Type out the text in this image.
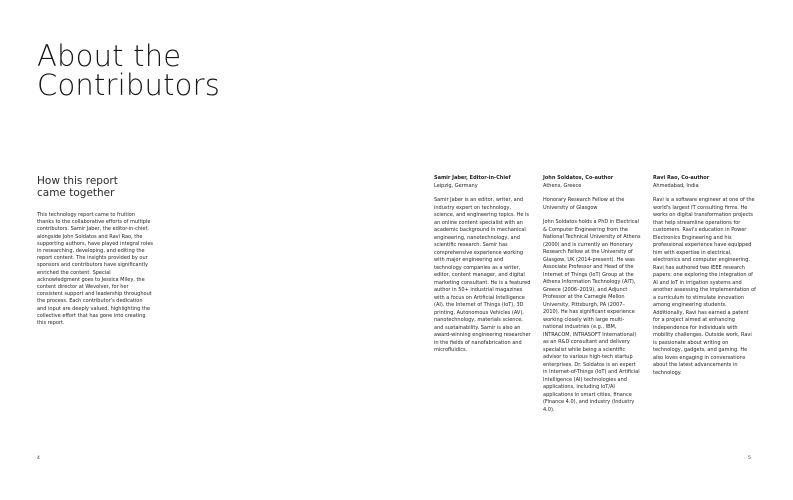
About the
Contributors
How this report
came together

This technology report came to fruition thanks to the collaborative efforts of multiple contributors. Samir Jaber, the editor-in-chief, alongside John Soldatos and Ravi Rao, the supporting authors, have played integral roles in researching, developing, and editing the report content. The insights provided by our sponsors and contributors have significantly enriched the content. Special acknowledgment goes to Jessica Miley, the content director at Wevolver, for her consistent support and leadership throughout the process. Each contributor's dedication and input are deeply valued, highlighting the collective effort that has gone into creating this report.

Samir Jaber, Editor-in-Chief
Leipzig, Germany

Samir Jaber is an editor, writer, and industry expert on technology, science, and engineering topics. He is an online content specialist with an academic background in mechanical engineering, nanotechnology, and scientific research. Samir has comprehensive experience working with major engineering and technology companies as a writer, editor, content manager, and digital marketing consultant. He is a featured author in 50+ industrial magazines with a focus on Artificial Intelligence (AI), the Internet of Things (IoT), 3D printing, Autonomous Vehicles (AV), nanotechnology, materials science, and sustainability. Samir is also an award-winning engineering researcher in the fields of nanofabrication and microfluidics.

John Soldatos, Co-author
Athens, Greece

Honorary Research Fellow at the University of Glasgow

John Soldatos holds a PhD in Electrical & Computer Engineering from the National Technical University of Athens (2000) and is currently an Honorary Research Fellow at the University of Glasgow, UK (2014-present). He was Associate Professor and Head of the Internet of Things (IoT) Group at the Athens Information Technology (AIT), Greece (2006–2019), and Adjunct Professor at the Carnegie Mellon University, Pittsburgh, PA (2007–2010). He has significant experience working closely with large multi-national industries (e.g., IBM, INTRACOM, INTRASOFT International) as an R&D consultant and delivery specialist while being a scientific advisor to various high-tech startup enterprises. Dr. Soldatos is an expert in Internet-of-Things (IoT) and Artificial Intelligence (AI) technologies and applications, including IoT/AI applications in smart cities, finance (Finance 4.0), and industry (Industry 4.0).

Ravi Rao, Co-author
Ahmedabad, India

Ravi is a software engineer at one of the world's largest IT consulting firms. He works on digital transformation projects that help streamline operations for customers. Ravi's education in Power Electronics Engineering and his professional experience have equipped him with expertise in electrical, electronics and computer engineering. Ravi has authored two IEEE research papers: one exploring the integration of AI and IoT in irrigation systems and another assessing the implementation of a curriculum to stimulate innovation among engineering students. Additionally, Ravi has earned a patent for a project aimed at enhancing independence for individuals with mobility challenges. Outside work, Ravi is passionate about writing on technology, gadgets, and gaming. He also loves engaging in conversations about the latest advancements in technology.

4	5
